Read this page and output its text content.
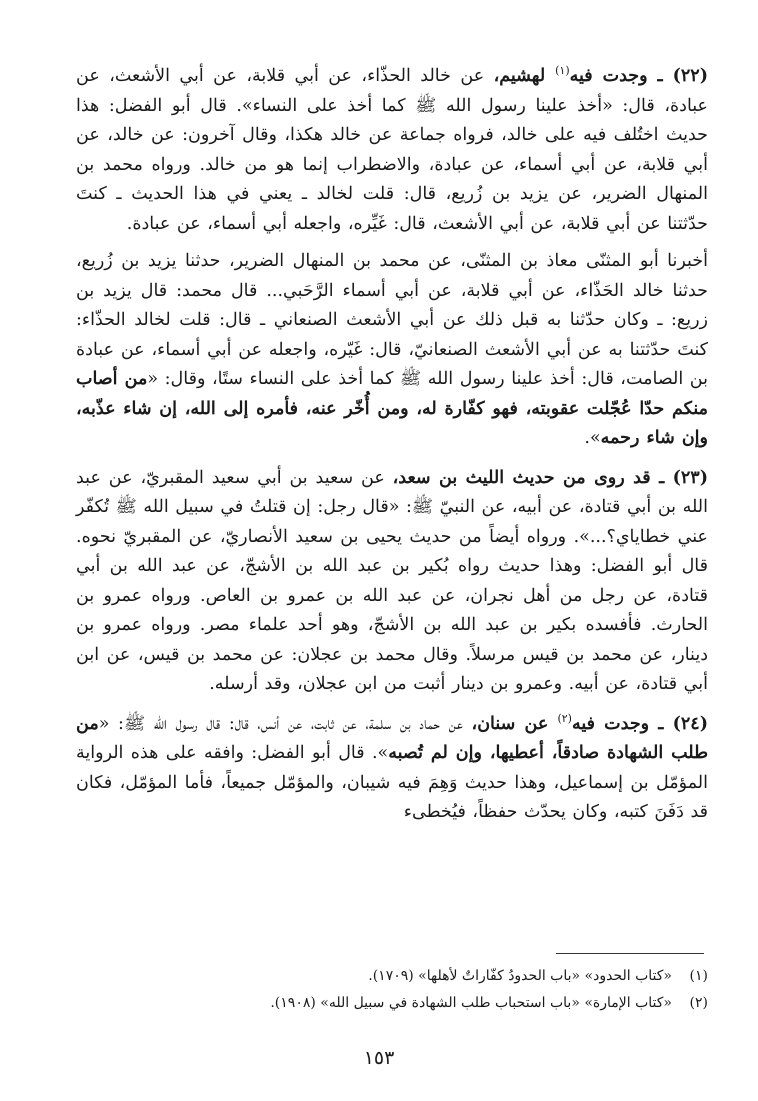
(٢٢) ـ وجدت فيه$^{(١)}$ لهشيم، عن خالد الحذّاء، عن أبي قلابة، عن أبي الأشعث، عن عبادة، قال: «أخذ علينا رسول الله ﷺ كما أخذ على النساء». قال أبو الفضل: هذا حديث اختُلف فيه على خالد، فرواه جماعة عن خالد هكذا، وقال آخرون: عن خالد، عن أبي قلابة، عن أبي أسماء، عن عبادة، والاضطراب إنما هو من خالد. ورواه محمد بن المنهال الضرير، عن يزيد بن زُريع، قال: قلت لخالد ـ يعني في هذا الحديث ـ كنتَ حدّثتنا عن أبي قلابة، عن أبي الأشعث، قال: غَيِّره، واجعله أبي أسماء، عن عبادة.

أخبرنا أبو المثنّى معاذ بن المثنّى، عن محمد بن المنهال الضرير، حدثنا يزيد بن زُريع، حدثنا خالد الحَذّاء، عن أبي قلابة، عن أبي أسماء الرَّحَبي... قال محمد: قال يزيد بن زريع: ـ وكان حدّثنا به قبل ذلك عن أبي الأشعث الصنعاني ـ قال: قلت لخالد الحذّاء: كنتَ حدّثتنا به عن أبي الأشعث الصنعانيّ، قال: غَيّره، واجعله عن أبي أسماء، عن عبادة بن الصامت، قال: أخذ علينا رسول الله ﷺ كما أخذ على النساء ستًا، وقال: «من أصاب منكم حدّا عُجّلت عقوبته، فهو كفّارة له، ومن أُخّر عنه، فأمره إلى الله، إن شاء عذّبه، وإن شاء رحمه».

(٢٣) ـ قد روى من حديث الليث بن سعد، عن سعيد بن أبي سعيد المقبريّ، عن عبد الله بن أبي قتادة، عن أبيه، عن النبيّ ﷺ: «قال رجل: إن قتلتُ في سبيل الله ﷺ تُكفّر عني خطاياي؟...». ورواه أيضاً من حديث يحيى بن سعيد الأنصاريّ، عن المقبريّ نحوه. قال أبو الفضل: وهذا حديث رواه بُكير بن عبد الله بن الأشجّ، عن عبد الله بن أبي قتادة، عن رجل من أهل نجران، عن عبد الله بن عمرو بن العاص. ورواه عمرو بن الحارث. فأفسده بكير بن عبد الله بن الأشجّ، وهو أحد علماء مصر. ورواه عمرو بن دينار، عن محمد بن قيس مرسلاً. وقال محمد بن عجلان: عن محمد بن قيس، عن ابن أبي قتادة، عن أبيه. وعمرو بن دينار أثبت من ابن عجلان، وقد أرسله.

(٢٤) ـ وجدت فيه$^{(٢)}$ عن سنان، عن حماد بن سلمة، عن ثابت، عن أنس، قال: قال رسول الله ﷺ: «من طلب الشهادة صادقاً، أعطيها، وإن لم تُصبه». قال أبو الفضل: وافقه على هذه الرواية المؤمّل بن إسماعيل، وهذا حديث وَهِمَ فيه شيبان، والمؤمّل جميعاً، فأما المؤمّل، فكان قد دَفَنَ كتبه، وكان يحدّث حفظاً، فيُخطىء

(١)«كتاب الحدود» «باب الحدودُ كفّاراتٌ لأهلها» (١٧٠٩).
(٢)«كتاب الإمارة» «باب استحباب طلب الشهادة في سبيل الله» (١٩٠٨).
١٥٣
